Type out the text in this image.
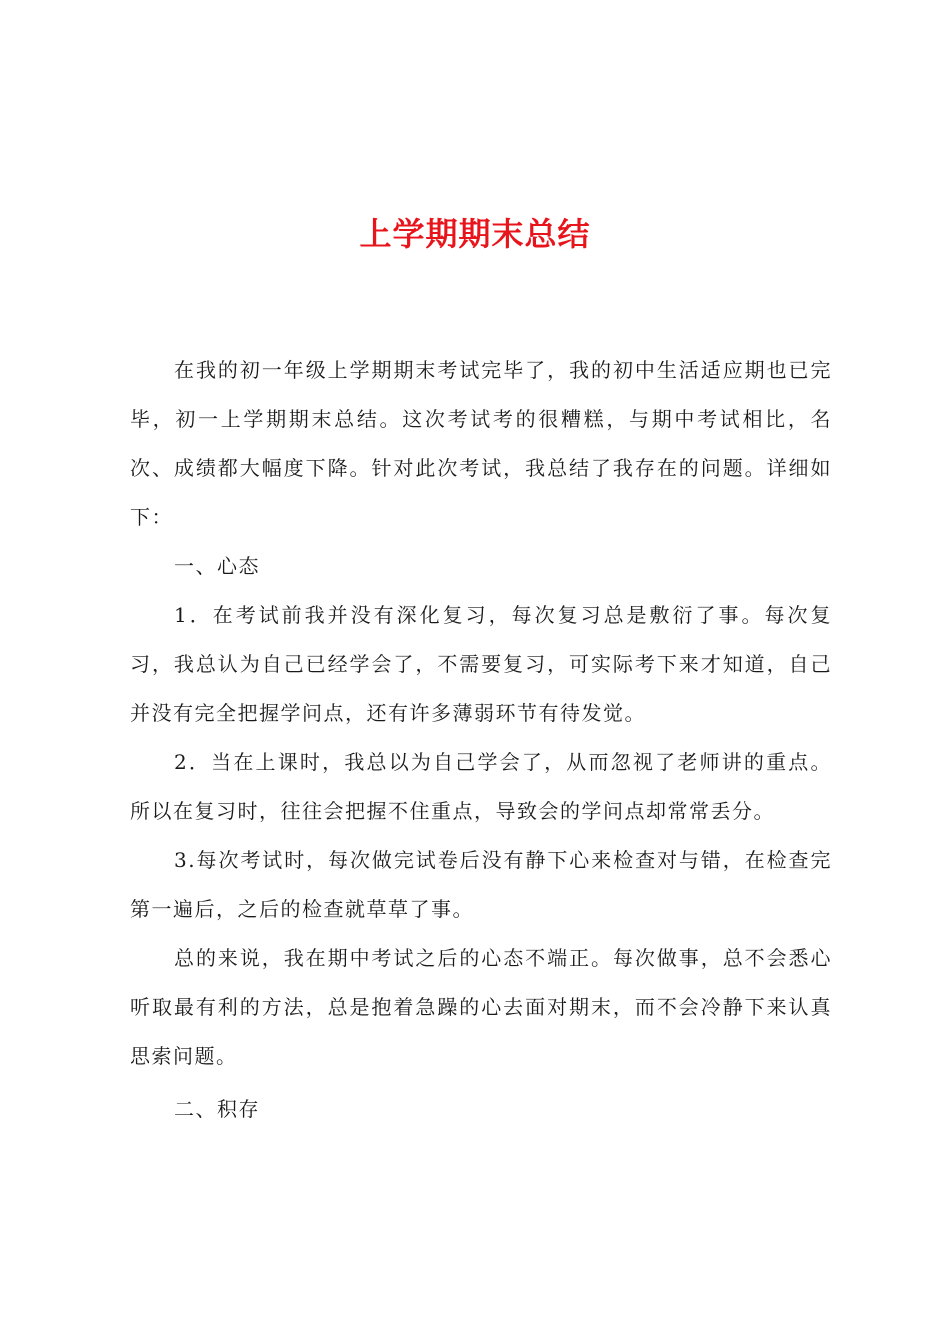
上学期期末总结

在我的初一年级上学期期末考试完毕了，我的初中生活适应期也已完毕，初一上学期期末总结。这次考试考的很糟糕，与期中考试相比，名次、成绩都大幅度下降。针对此次考试，我总结了我存在的问题。详细如下：

一、心态

1．在考试前我并没有深化复习，每次复习总是敷衍了事。每次复习，我总认为自己已经学会了，不需要复习，可实际考下来才知道，自己并没有完全把握学问点，还有许多薄弱环节有待发觉。

2．当在上课时，我总以为自己学会了，从而忽视了老师讲的重点。所以在复习时，往往会把握不住重点，导致会的学问点却常常丢分。

3.每次考试时，每次做完试卷后没有静下心来检查对与错，在检查完第一遍后，之后的检查就草草了事。

总的来说，我在期中考试之后的心态不端正。每次做事，总不会悉心听取最有利的方法，总是抱着急躁的心去面对期末，而不会冷静下来认真思索问题。

二、积存
